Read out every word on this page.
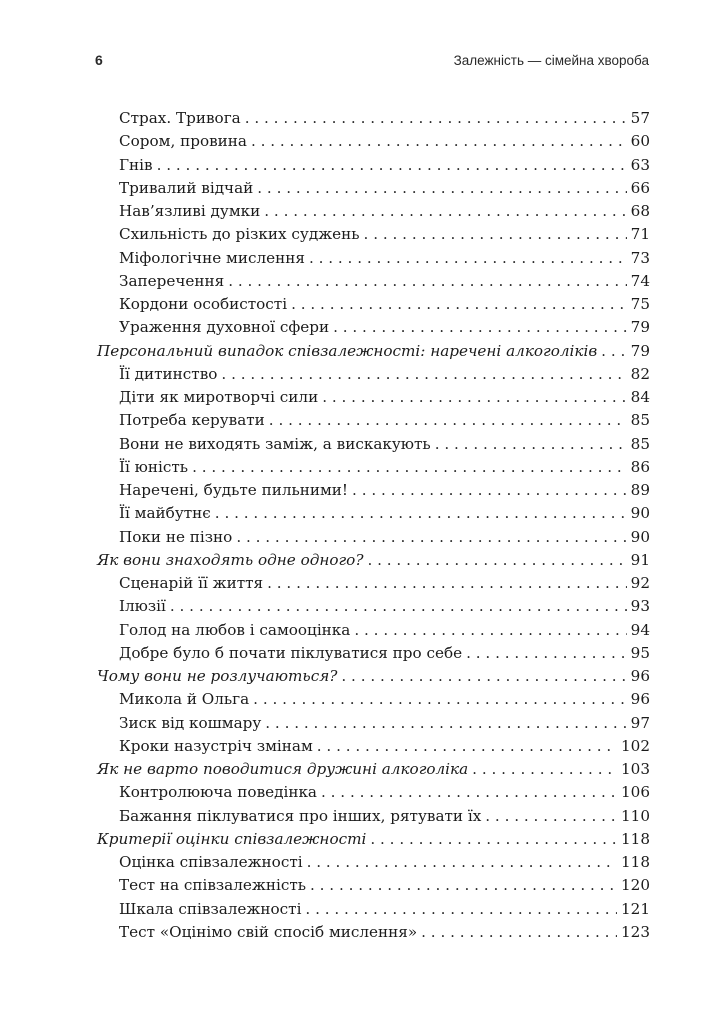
6	Залежність — сімейна хвороба
Страх. Тривога . . .	57
Сором, провина . . .	60
Гнів . . .	63
Тривалий відчай . . .	66
Нав’язливі думки . . .	68
Схильність до різких суджень . . .	71
Міфологічне мислення . . .	73
Заперечення . . .	74
Кордони особистості . . .	75
Ураження духовної сфери . . .	79
Персональний випадок співзалежності: наречені алкоголіків . . . 79
Її дитинство . . .	82
Діти як миротворчі сили . . .	84
Потреба керувати . . .	85
Вони не виходять заміж, а вискакують . . .	85
Її юність . . .	86
Наречені, будьте пильними! . . .	89
Її майбутнє . . .	90
Поки не пізно . . .	90
Як вони знаходять одне одного? . . .	91
Сценарій її життя . . .	92
Ілюзії . . .	93
Голод на любов і самооцінка . . .	94
Добре було б почати піклуватися про себе . . .	95
Чому вони не розлучаються? . . .	96
Микола й Ольга . . .	96
Зиск від кошмару . . .	97
Кроки назустріч змінам . . .	102
Як не варто поводитися дружині алкоголіка . . .	103
Контролююча поведінка . . .	106
Бажання піклуватися про інших, рятувати їх . . .	110
Критерії оцінки співзалежності . . .	118
Оцінка співзалежності . . .	118
Тест на співзалежність . . .	120
Шкала співзалежності . . .	121
Тест «Оцінімо свій спосіб мислення» . . .	123
